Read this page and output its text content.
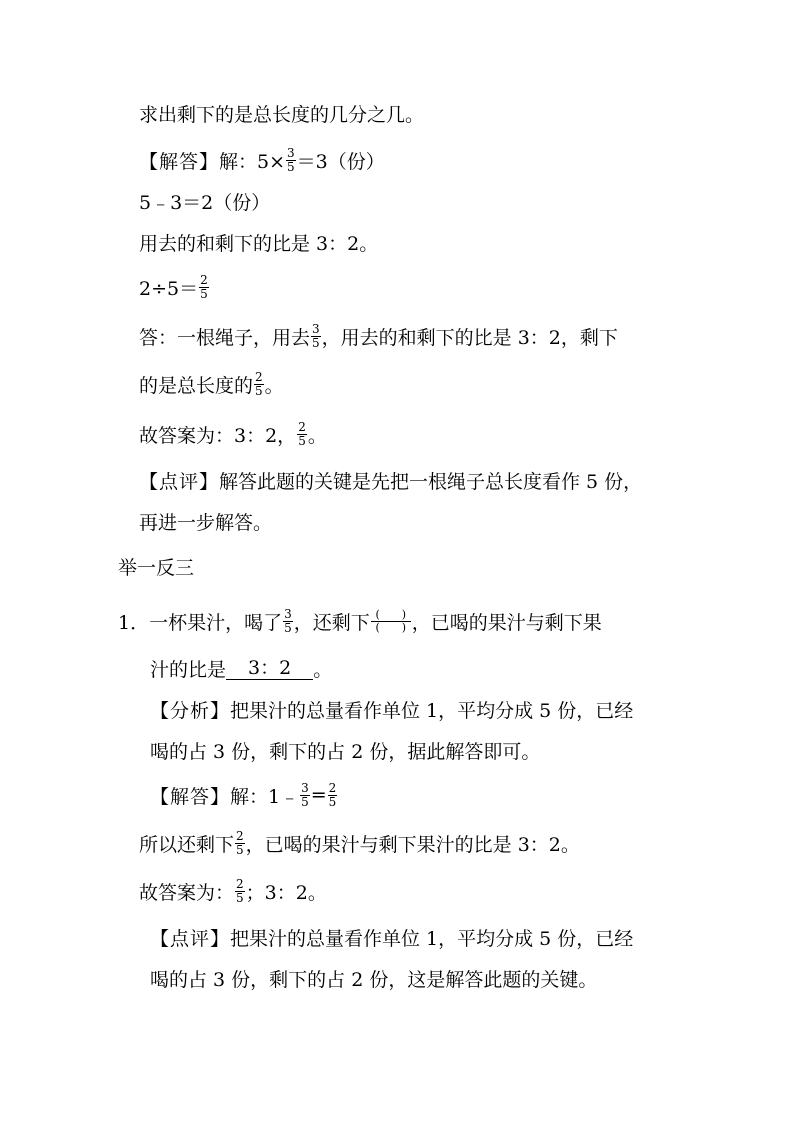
求出剩下的是总长度的几分之几。
【解答】 解：$5\times \frac{3}{5} =3$（份）
5﹣3＝2（份）
用去的和剩下的比是 3：2。
$2\div 5= \frac{2}{5}$
答：一根绳子，用去 $\frac{3}{5}$ ，用去的和剩下的比是 3：2，剩下
的是总长度的 $\frac{2}{5}$ 。
故答案为：3：2， $\frac{2}{5}$ 。
【点评】 解答此题的关键是先把一根绳子总长度看作 5 份，
再进一步解答。
举一反三
1．一杯果汁，喝了 $\frac{3}{5}$ ，还剩下 $\frac{( )}{( )}$ ，已喝的果汁与剩下果
汁的比是	3：2	。
【分析】 把果汁的总量看作单位 1，平均分成 5 份，已经
喝的占 3 份，剩下的占 2 份，据此解答即可。
【解答】 解：1﹣ $\frac{3}{5} = \frac{2}{5}$
所以还剩下 $\frac{2}{5}$ ，已喝的果汁与剩下果汁的比是 3：2。
故答案为： $\frac{2}{5}$ ；3：2。
【点评】 把果汁的总量看作单位 1，平均分成 5 份，已经
喝的占 3 份，剩下的占 2 份，这是解答此题的关键。
